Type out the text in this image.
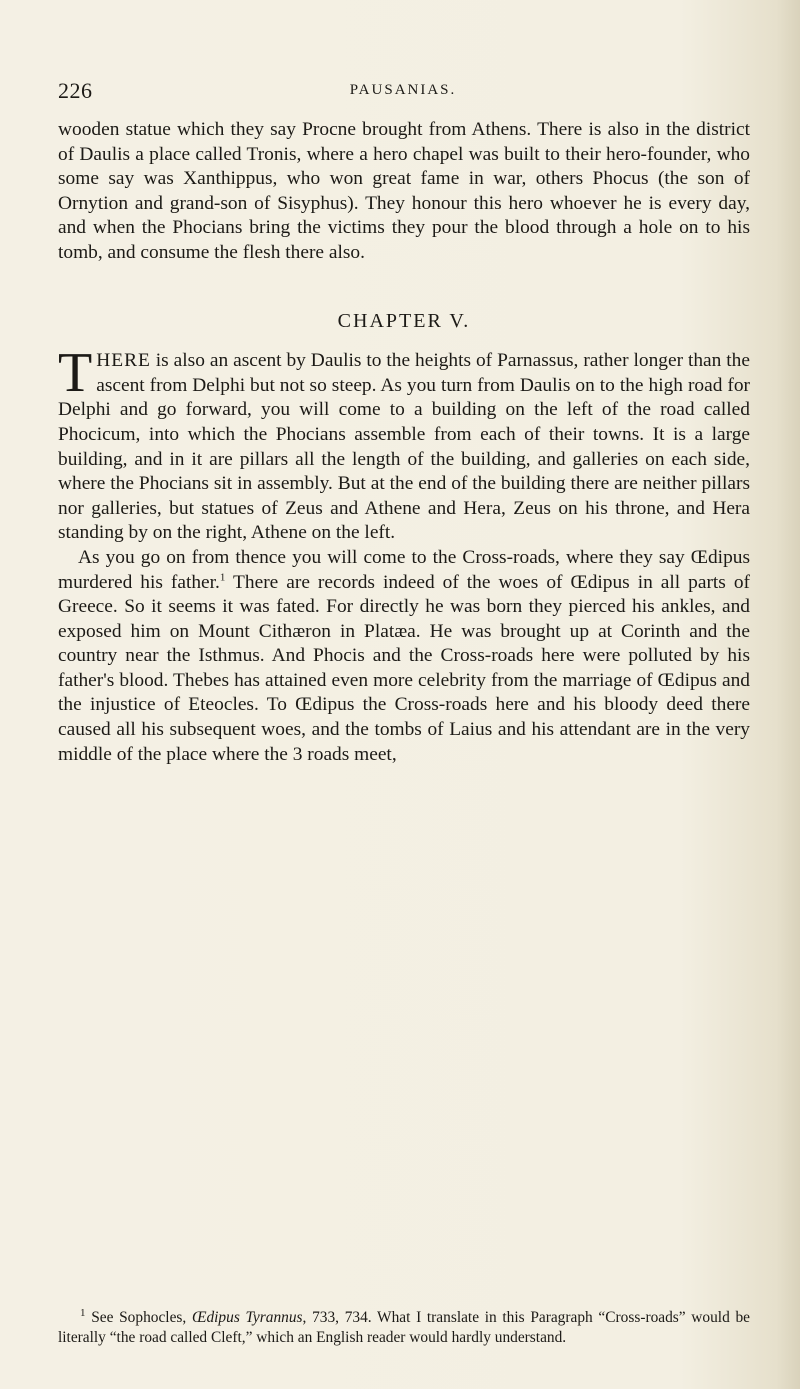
226	PAUSANIAS.

wooden statue which they say Procne brought from Athens. There is also in the district of Daulis a place called Tronis, where a hero chapel was built to their hero-founder, who some say was Xanthippus, who won great fame in war, others Phocus (the son of Ornytion and grand-son of Sisyphus). They honour this hero whoever he is every day, and when the Phocians bring the victims they pour the blood through a hole on to his tomb, and consume the flesh there also.

CHAPTER V.

THERE is also an ascent by Daulis to the heights of Parnassus, rather longer than the ascent from Delphi but not so steep. As you turn from Daulis on to the high road for Delphi and go forward, you will come to a building on the left of the road called Phocicum, into which the Phocians assemble from each of their towns. It is a large building, and in it are pillars all the length of the building, and galleries on each side, where the Phocians sit in assembly. But at the end of the building there are neither pillars nor galleries, but statues of Zeus and Athene and Hera, Zeus on his throne, and Hera standing by on the right, Athene on the left.

As you go on from thence you will come to the Cross-roads, where they say Œdipus murdered his father.$^1$ There are records indeed of the woes of Œdipus in all parts of Greece. So it seems it was fated. For directly he was born they pierced his ankles, and exposed him on Mount Cithæron in Platæa. He was brought up at Corinth and the country near the Isthmus. And Phocis and the Cross-roads here were polluted by his father's blood. Thebes has attained even more celebrity from the marriage of Œdipus and the injustice of Eteocles. To Œdipus the Cross-roads here and his bloody deed there caused all his subsequent woes, and the tombs of Laius and his attendant are in the very middle of the place where the 3 roads meet,

$^1$ See Sophocles, Œdipus Tyrannus, 733, 734. What I translate in this Paragraph “Cross-roads” would be literally “the road called Cleft,” which an English reader would hardly understand.
